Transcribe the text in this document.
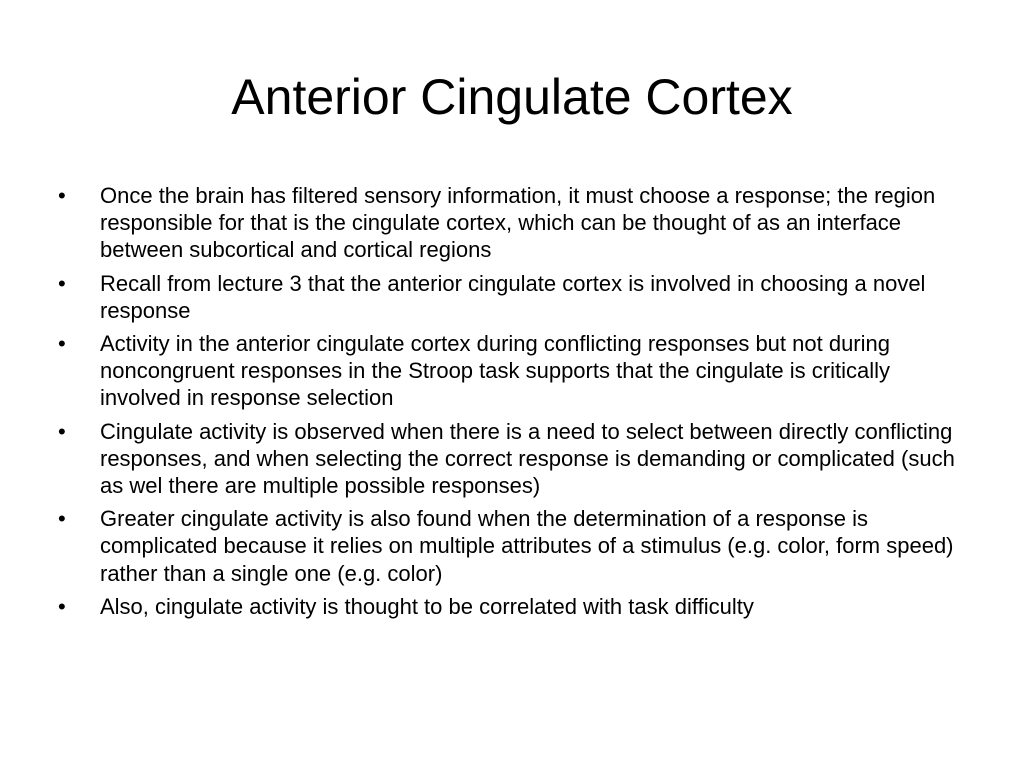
Anterior Cingulate Cortex
•	Once the brain has filtered sensory information, it must choose a response; the region responsible for that is the cingulate cortex, which can be thought of as an interface between subcortical and cortical regions
•	Recall from lecture 3 that the anterior cingulate cortex is involved in choosing a novel response
•	Activity in the anterior cingulate cortex during conflicting responses but not during noncongruent responses in the Stroop task supports that the cingulate is critically involved in response selection
•	Cingulate activity is observed when there is a need to select between directly conflicting responses, and when selecting the correct response is demanding or complicated (such as wel there are multiple possible responses)
•	Greater cingulate activity is also found when the determination of a response is complicated because it relies on multiple attributes of a stimulus (e.g. color, form speed) rather than a single one (e.g. color)
•	Also, cingulate activity is thought to be correlated with task difficulty
